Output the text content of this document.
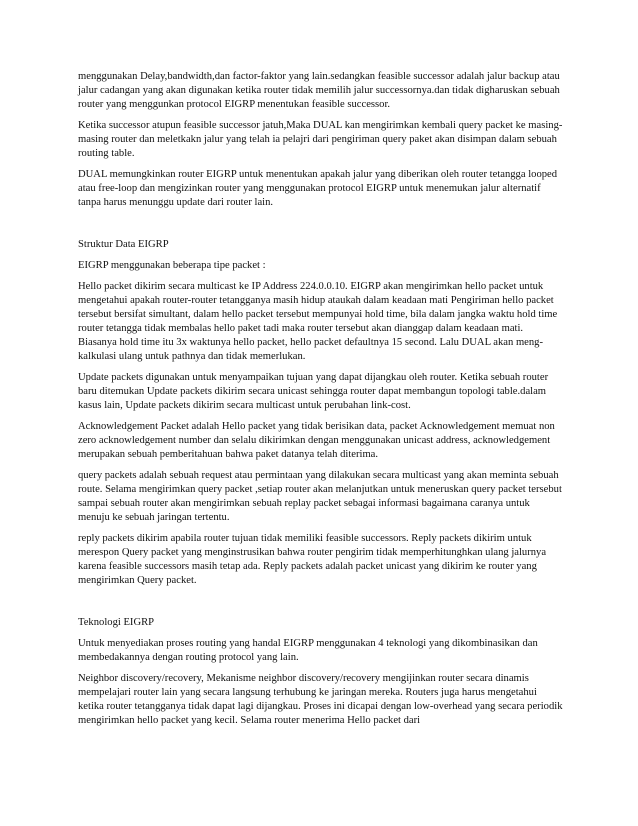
menggunakan Delay,bandwidth,dan factor-faktor yang lain.sedangkan feasible successor adalah jalur backup atau jalur cadangan yang akan digunakan ketika router tidak memilih jalur successornya.dan tidak digharuskan sebuah router yang menggunkan protocol EIGRP menentukan feasible successor.

Ketika successor atupun feasible successor jatuh,Maka DUAL kan mengirimkan kembali query packet ke masing-masing router dan meletkakn jalur yang telah ia pelajri dari pengiriman query paket akan disimpan dalam sebuah routing table.

DUAL memungkinkan router EIGRP untuk menentukan apakah jalur yang diberikan oleh router tetangga looped atau free-loop dan mengizinkan router yang menggunakan protocol EIGRP untuk menemukan jalur alternatif tanpa harus menunggu update dari router lain.

Struktur Data EIGRP

EIGRP menggunakan beberapa tipe packet :

Hello packet dikirim secara multicast ke IP Address 224.0.0.10. EIGRP akan mengirimkan hello packet untuk mengetahui apakah router-router tetangganya masih hidup ataukah dalam keadaan mati Pengiriman hello packet tersebut bersifat simultant, dalam hello packet tersebut mempunyai hold time, bila dalam jangka waktu hold time router tetangga tidak membalas hello paket tadi maka router tersebut akan dianggap dalam keadaan mati. Biasanya hold time itu 3x waktunya hello packet, hello packet defaultnya 15 second. Lalu DUAL akan meng-kalkulasi ulang untuk pathnya dan tidak memerlukan.

Update packets digunakan untuk menyampaikan tujuan yang dapat dijangkau oleh router. Ketika sebuah router baru ditemukan Update packets dikirim secara unicast sehingga router dapat membangun topologi table.dalam kasus lain, Update packets dikirim secara multicast untuk perubahan link-cost.

Acknowledgement Packet adalah Hello packet yang tidak berisikan data, packet Acknowledgement memuat non zero acknowledgement number dan selalu dikirimkan dengan menggunakan unicast address, acknowledgement merupakan sebuah pemberitahuan bahwa paket datanya telah diterima.

query packets adalah sebuah request atau permintaan yang dilakukan secara multicast yang akan meminta sebuah route. Selama mengirimkan query packet ,setiap router akan melanjutkan untuk meneruskan query packet tersebut sampai sebuah router akan mengirimkan sebuah replay packet sebagai informasi bagaimana caranya untuk menuju ke sebuah jaringan tertentu.

reply packets dikirim apabila router tujuan tidak memiliki feasible successors. Reply packets dikirim untuk merespon Query packet yang menginstrusikan bahwa router pengirim tidak memperhitunghkan ulang jalurnya karena feasible successors masih tetap ada. Reply packets adalah packet unicast yang dikirim ke router yang mengirimkan Query packet.

Teknologi EIGRP

Untuk menyediakan proses routing yang handal EIGRP menggunakan 4 teknologi yang dikombinasikan dan membedakannya dengan routing protocol yang lain.

Neighbor discovery/recovery, Mekanisme neighbor discovery/recovery mengijinkan router secara dinamis mempelajari router lain yang secara langsung terhubung ke jaringan mereka. Routers juga harus mengetahui ketika router tetangganya tidak dapat lagi dijangkau. Proses ini dicapai dengan low-overhead yang secara periodik mengirimkan hello packet yang kecil. Selama router menerima Hello packet dari
